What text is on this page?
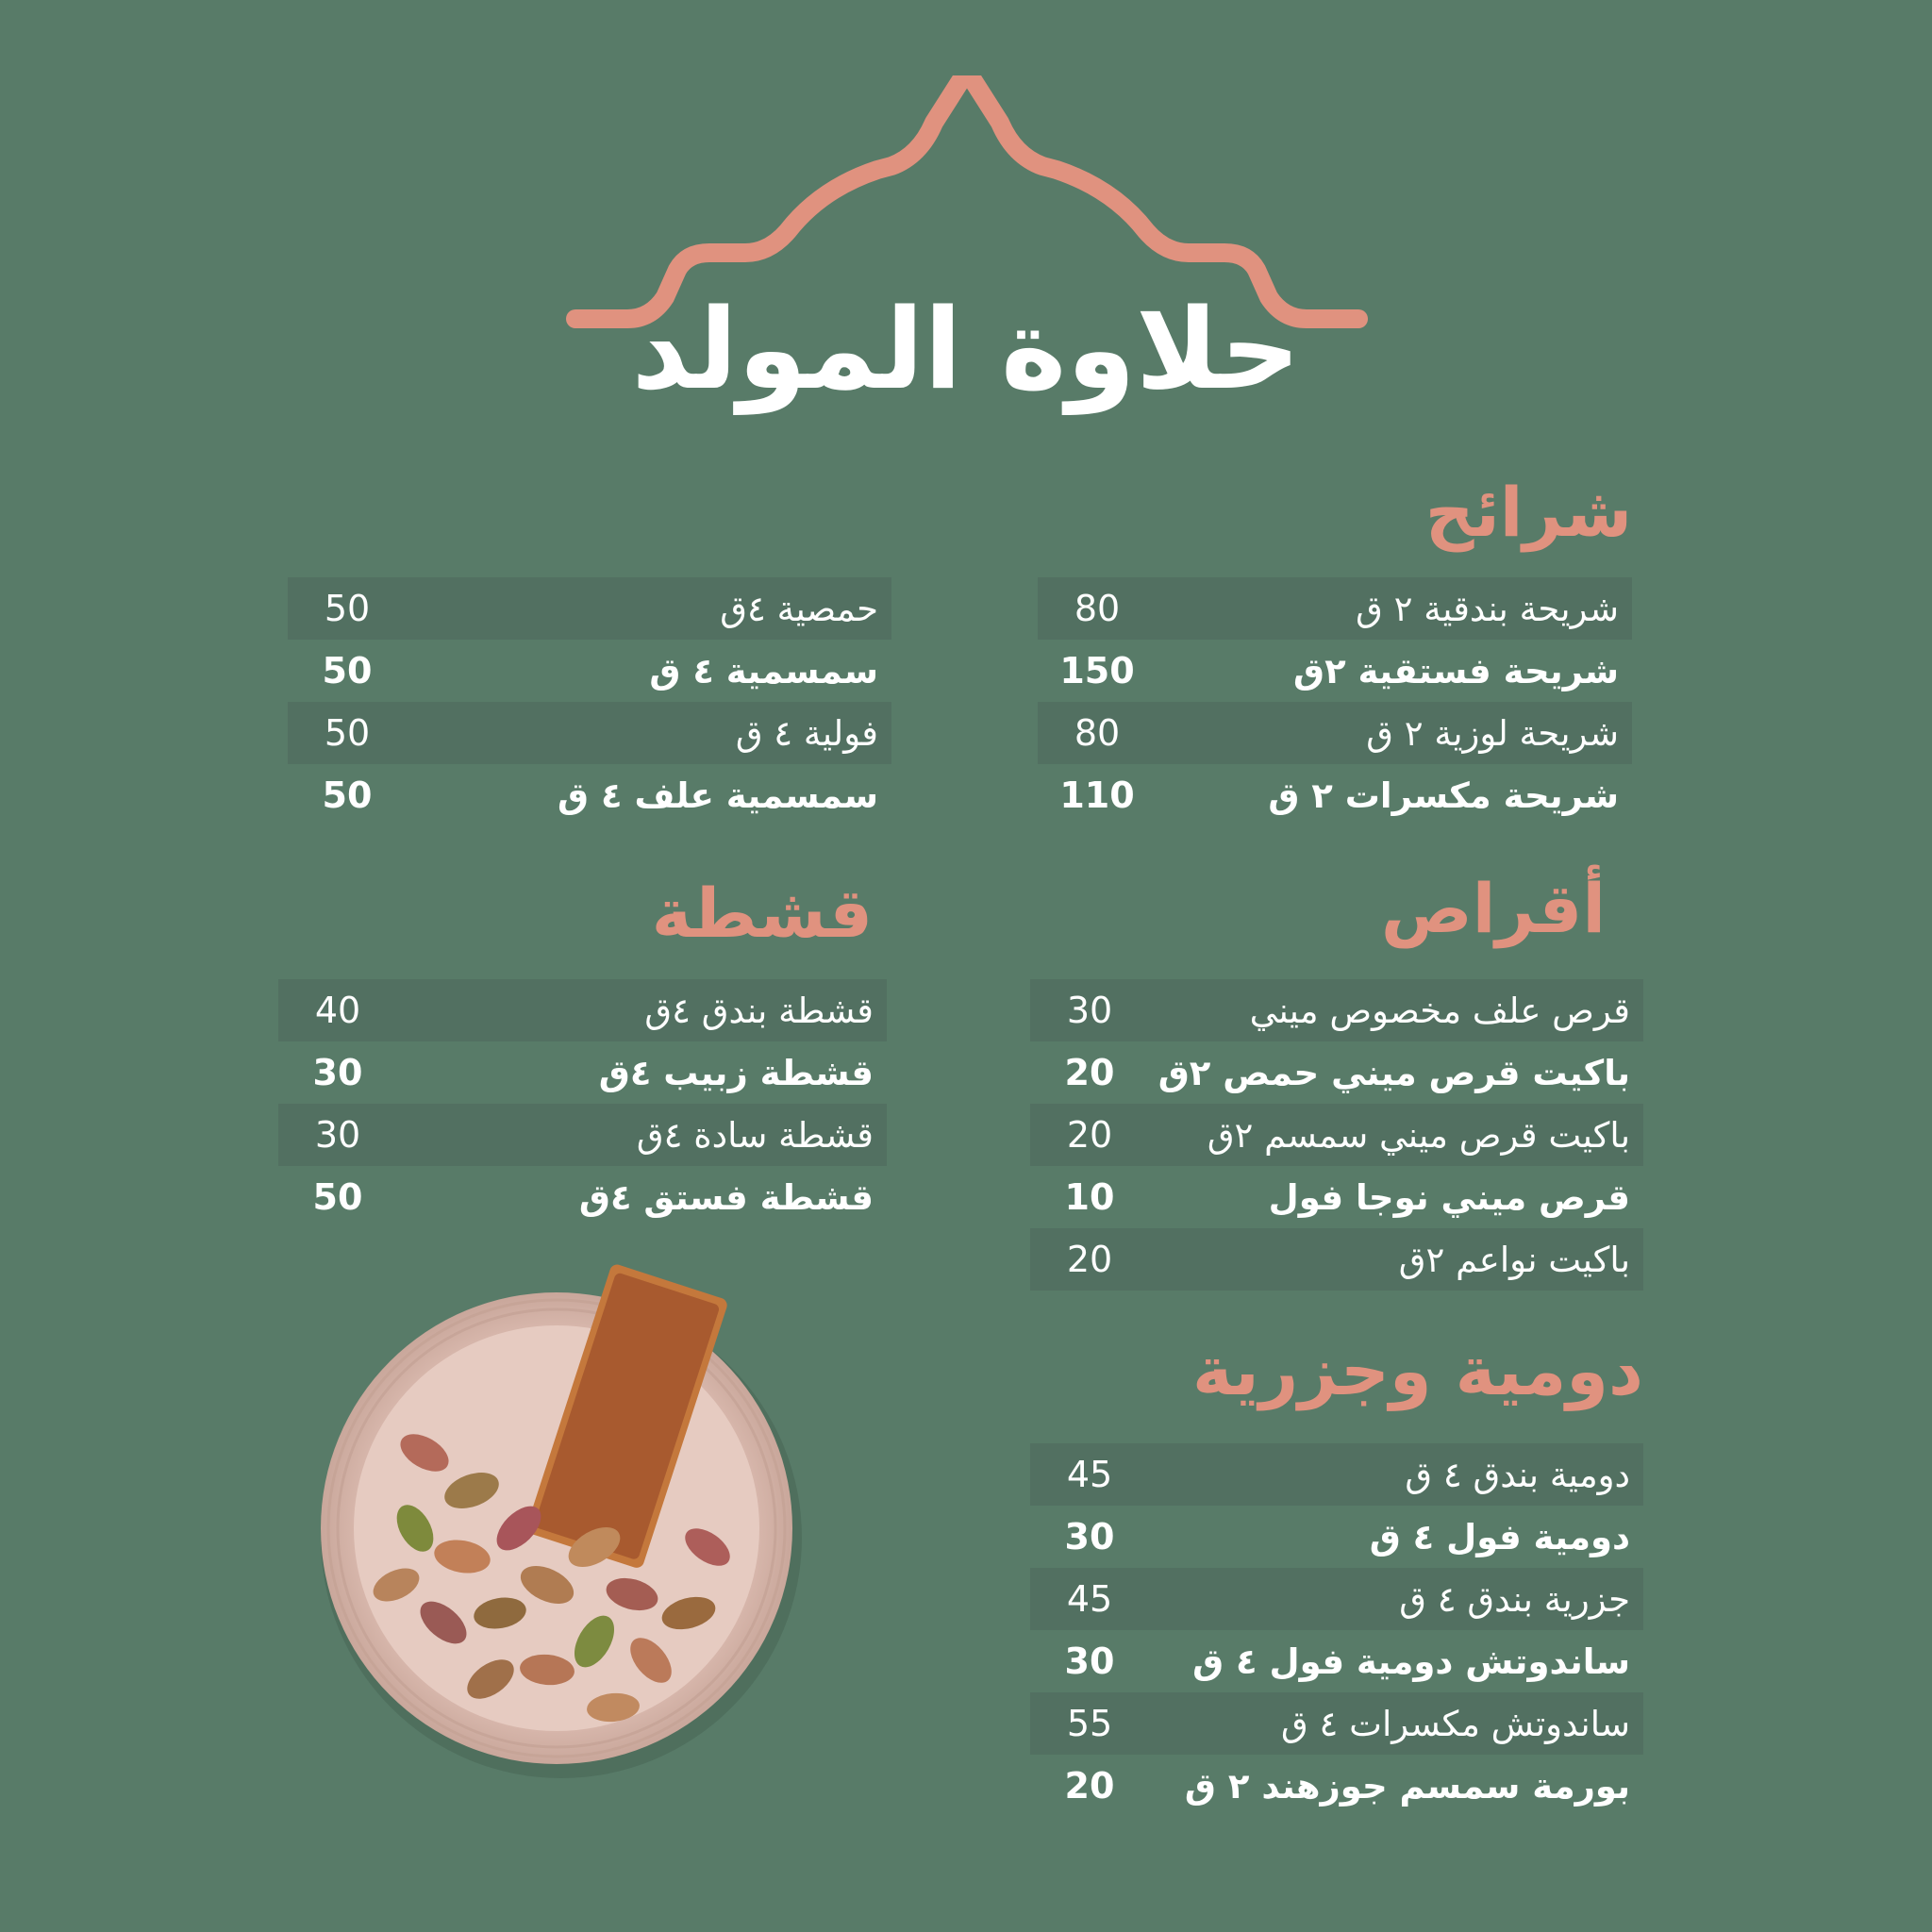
حلاوة المولد
شرائح
80	شريحة بندقية ٢ ق
150	شريحة فستقية ٢ق
80	شريحة لوزية ٢ ق
110	شريحة مكسرات ٢ ق
50	حمصية ٤ق
50	سمسمية ٤ ق
50	فولية ٤ ق
50	سمسمية علف ٤ ق
أقراص
30	قرص علف مخصوص ميني
20	باكيت قرص ميني حمص ٢ق
20	باكيت قرص ميني سمسم ٢ق
10	قرص ميني نوجا فول
20	باكيت نواعم ٢ق
قشطة
40	قشطة بندق ٤ق
30	قشطة زبيب ٤ق
30	قشطة سادة ٤ق
50	قشطة فستق ٤ق
دومية وجزرية
45	دومية بندق ٤ ق
30	دومية فول ٤ ق
45	جزرية بندق ٤ ق
30	ساندوتش دومية فول ٤ ق
55	ساندوتش مكسرات ٤ ق
20	بورمة سمسم جوزهند ٢ ق
